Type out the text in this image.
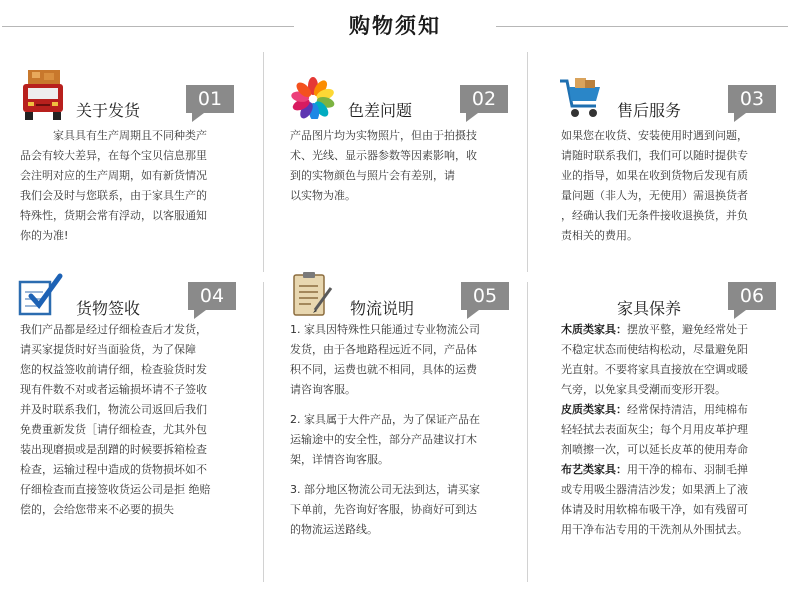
购物须知
关于发货
01

家具具有生产周期且不同种类产

品会有较大差异，在每个宝贝信息那里

会注明对应的生产周期，如有新货情况

我们会及时与您联系，由于家具生产的

特殊性，货期会常有浮动，以客服通知

你的为准!

色差问题
02

产品图片均为实物照片，但由于拍摄技

术、光线、显示器参数等因素影响，收

到的实物颜色与照片会有差别，请

以实物为准。

售后服务
03

如果您在收货、安装使用时遇到问题，

请随时联系我们，我们可以随时提供专

业的指导，如果在收到货物后发现有质

量问题（非人为，无使用）需退换货者

，经确认我们无条件接收退换货，并负

责相关的费用。

货物签收
04

我们产品都是经过仔细检查后才发货，

请买家提货时好当面验货，为了保障

您的权益签收前请仔细，检查验货时发

现有件数不对或者运输损坏请不子签收

并及时联系我们，物流公司返回后我们

免费重新发货［请仔细检查，尤其外包

装出现磨损或是刮蹭的时候要拆箱检查

检查，运输过程中造成的货物损坏如不

仔细检查而直接签收货运公司是拒 绝赔

偿的，会给您带来不必要的损失

物流说明
05

1. 家具因特殊性只能通过专业物流公司

发货，由于各地路程远近不同，产品体

积不同，运费也就不相同，具体的运费

请咨询客服。

2. 家具属于大件产品，为了保证产品在

运输途中的安全性，部分产品建议打木

架，详情咨询客服。

3. 部分地区物流公司无法到达，请买家

下单前，先咨询好客服，协商好可到达

的物流运送路线。

家具保养
06

木质类家具：摆放平整，避免经常处于

不稳定状态而使结构松动，尽量避免阳

光直射。不要将家具直接放在空调或暖

气旁，以免家具受潮而变形开裂。

皮质类家具：经常保持清洁，用纯棉布

轻轻拭去表面灰尘；每个月用皮革护理

剂喷擦一次，可以延长皮革的使用寿命

布艺类家具：用干净的棉布、羽制毛掸

或专用吸尘器清洁沙发；如果洒上了液

体请及时用软棉布吸干净，如有残留可

用干净布沾专用的干洗剂从外围拭去。
